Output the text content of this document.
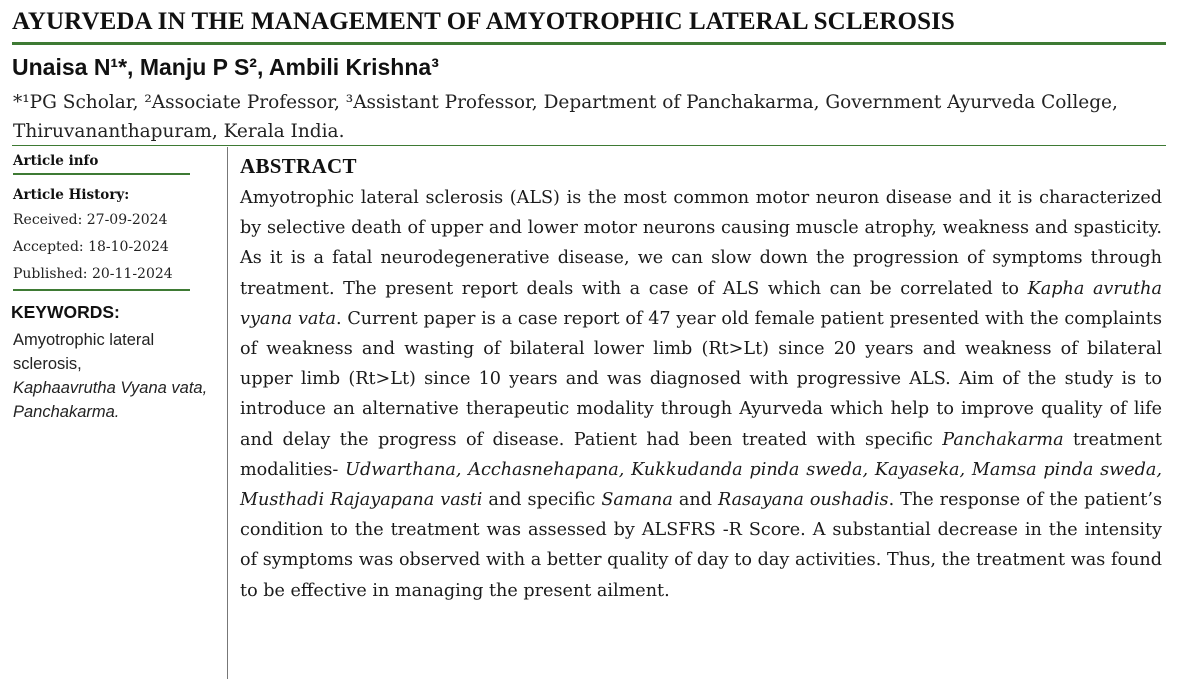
AYURVEDA IN THE MANAGEMENT OF AMYOTROPHIC LATERAL SCLEROSIS
Unaisa N¹*, Manju P S², Ambili Krishna³
*¹PG Scholar, ²Associate Professor, ³Assistant Professor, Department of Panchakarma, Government Ayurveda College, Thiruvananthapuram, Kerala India.
Article info
Article History:
Received: 27-09-2024
Accepted: 18-10-2024
Published: 20-11-2024
KEYWORDS:
Amyotrophic lateral sclerosis,
Kaphaavrutha Vyana vata, Panchakarma.
ABSTRACT
Amyotrophic lateral sclerosis (ALS) is the most common motor neuron disease and it is characterized by selective death of upper and lower motor neurons causing muscle atrophy, weakness and spasticity. As it is a fatal neurodegenerative disease, we can slow down the progression of symptoms through treatment. The present report deals with a case of ALS which can be correlated to Kapha avrutha vyana vata. Current paper is a case report of 47 year old female patient presented with the complaints of weakness and wasting of bilateral lower limb (Rt>Lt) since 20 years and weakness of bilateral upper limb (Rt>Lt) since 10 years and was diagnosed with progressive ALS. Aim of the study is to introduce an alternative therapeutic modality through Ayurveda which help to improve quality of life and delay the progress of disease. Patient had been treated with specific Panchakarma treatment modalities- Udwarthana, Acchasnehapana, Kukkudanda pinda sweda, Kayaseka, Mamsa pinda sweda, Musthadi Rajayapana vasti and specific Samana and Rasayana oushadis. The response of the patient’s condition to the treatment was assessed by ALSFRS -R Score. A substantial decrease in the intensity of symptoms was observed with a better quality of day to day activities. Thus, the treatment was found to be effective in managing the present ailment.
